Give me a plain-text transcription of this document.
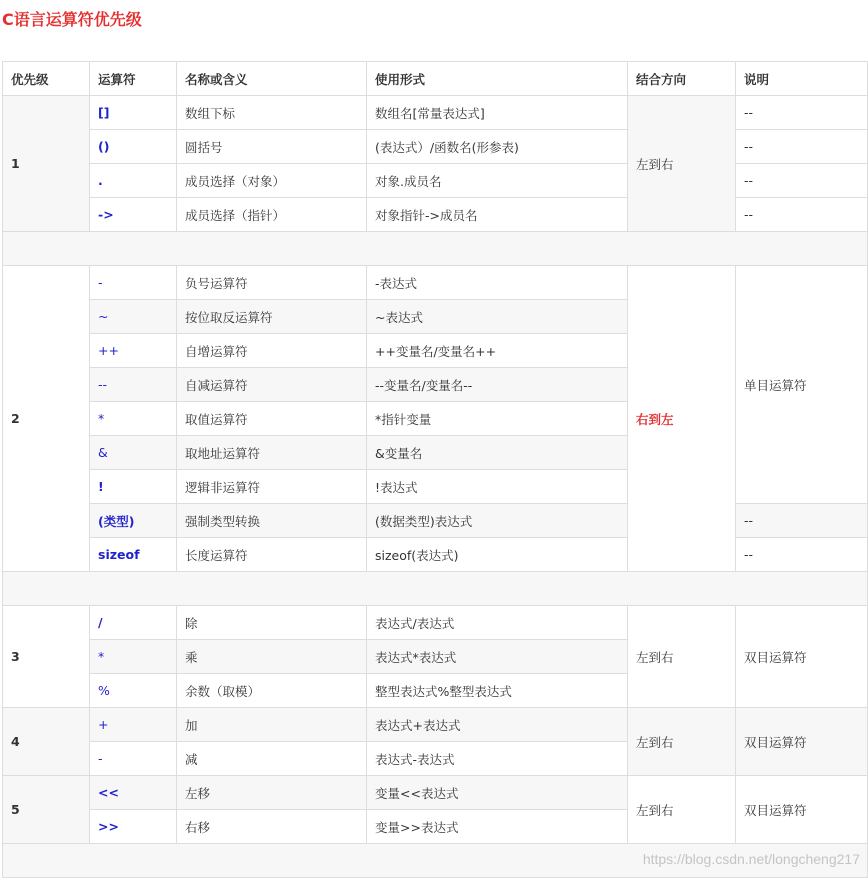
C语言运算符优先级
优先级	运算符	名称或含义	使用形式	结合方向	说明
1	[]	数组下标	数组名[常量表达式]	左到右	--
	()	圆括号	(表达式）/函数名(形参表)		--
	.	成员选择（对象）	对象.成员名		--
	->	成员选择（指针）	对象指针->成员名		--

2	-	负号运算符	-表达式	右到左	单目运算符
	~	按位取反运算符	~表达式		
	++	自增运算符	++变量名/变量名++		
	--	自减运算符	--变量名/变量名--		
	*	取值运算符	*指针变量		
	&	取地址运算符	&变量名		
	!	逻辑非运算符	!表达式		
	(类型)	强制类型转换	(数据类型)表达式		--
	sizeof	长度运算符	sizeof(表达式)		--

3	/	除	表达式/表达式	左到右	双目运算符
	*	乘	表达式*表达式		
	%	余数（取模）	整型表达式%整型表达式		
4	+	加	表达式+表达式	左到右	双目运算符
	-	减	表达式-表达式		
5	<<	左移	变量<<表达式	左到右	双目运算符
	>>	右移	变量>>表达式		

https://blog.csdn.net/longcheng217
